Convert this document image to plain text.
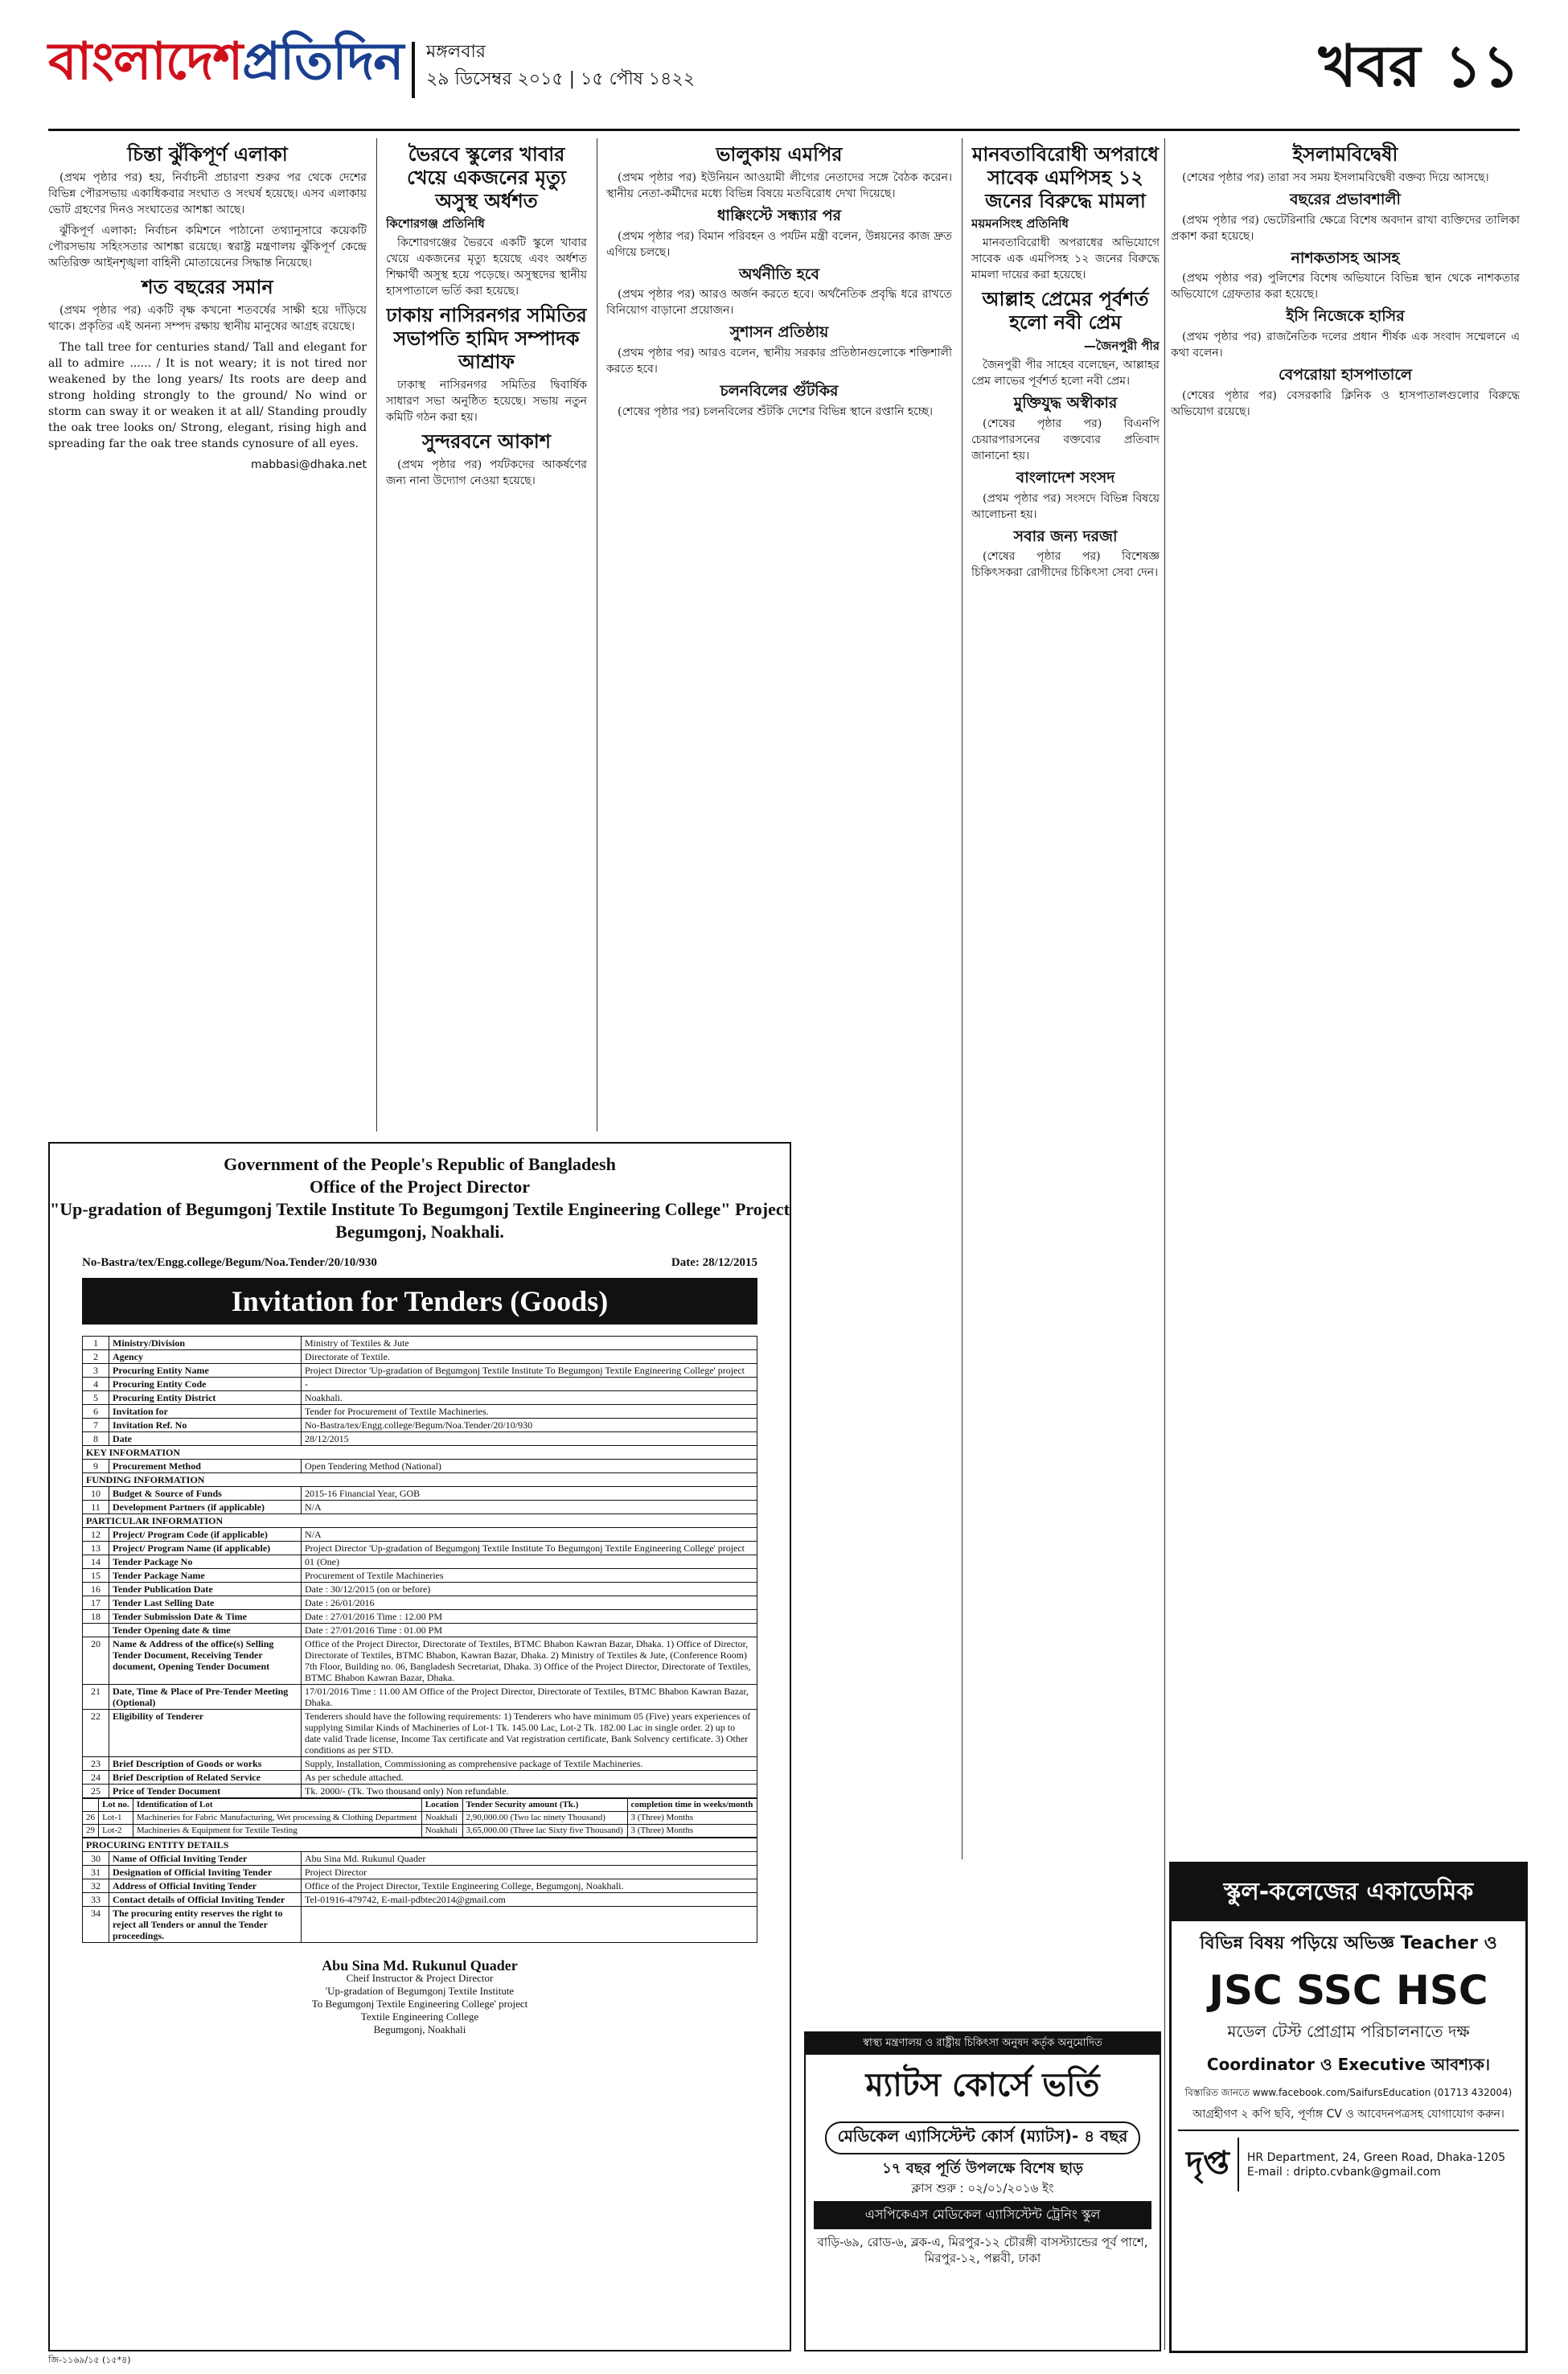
বাংলাদেশপ্রতিদিন মঙ্গলবার
২৯ ডিসেম্বর ২০১৫ | ১৫ পৌষ ১৪২২	খবর ১১
চিন্তা ঝুঁকিপূর্ণ এলাকা

(প্রথম পৃষ্ঠার পর) হয়, নির্বাচনী প্রচারণা শুরুর পর থেকে দেশের বিভিন্ন পৌরসভায় একাধিকবার সংঘাত ও সংঘর্ষ হয়েছে। এসব এলাকায় ভোট গ্রহণের দিনও সংঘাতের আশঙ্কা আছে।

ঝুঁকিপূর্ণ এলাকা: নির্বাচন কমিশনে পাঠানো তথ্যানুসারে কয়েকটি পৌরসভায় সহিংসতার আশঙ্কা রয়েছে। স্বরাষ্ট্র মন্ত্রণালয় ঝুঁকিপূর্ণ কেন্দ্রে অতিরিক্ত আইনশৃঙ্খলা বাহিনী মোতায়েনের সিদ্ধান্ত নিয়েছে।

শত বছরের সমান

(প্রথম পৃষ্ঠার পর) একটি বৃক্ষ কখনো শতবর্ষের সাক্ষী হয়ে দাঁড়িয়ে থাকে। প্রকৃতির এই অনন্য সম্পদ রক্ষায় স্থানীয় মানুষের আগ্রহ রয়েছে।

The tall tree for centuries stand/ Tall and elegant for all to admire ...... / It is not weary; it is not tired nor weakened by the long years/ Its roots are deep and strong holding strongly to the ground/ No wind or storm can sway it or weaken it at all/ Standing proudly the oak tree looks on/ Strong, elegant, rising high and spreading far the oak tree stands cynosure of all eyes.

mabbasi@dhaka.net

ভৈরবে স্কুলের খাবার খেয়ে একজনের মৃত্যু অসুস্থ অর্ধশত
কিশোরগঞ্জ প্রতিনিধি

কিশোরগঞ্জের ভৈরবে একটি স্কুলে খাবার খেয়ে একজনের মৃত্যু হয়েছে এবং অর্ধশত শিক্ষার্থী অসুস্থ হয়ে পড়েছে। অসুস্থদের স্থানীয় হাসপাতালে ভর্তি করা হয়েছে।

ঢাকায় নাসিরনগর সমিতির সভাপতি হামিদ সম্পাদক আশ্রাফ

ঢাকাস্থ নাসিরনগর সমিতির দ্বিবার্ষিক সাধারণ সভা অনুষ্ঠিত হয়েছে। সভায় নতুন কমিটি গঠন করা হয়।

সুন্দরবনে আকাশ

(প্রথম পৃষ্ঠার পর) পর্যটকদের আকর্ষণের জন্য নানা উদ্যোগ নেওয়া হয়েছে।

ভালুকায় এমপির

(প্রথম পৃষ্ঠার পর) ইউনিয়ন আওয়ামী লীগের নেতাদের সঙ্গে বৈঠক করেন। স্থানীয় নেতা-কর্মীদের মধ্যে বিভিন্ন বিষয়ে মতবিরোধ দেখা দিয়েছে।

ধাক্কিংস্টে সন্ধ্যার পর

(প্রথম পৃষ্ঠার পর) বিমান পরিবহন ও পর্যটন মন্ত্রী বলেন, উন্নয়নের কাজ দ্রুত এগিয়ে চলছে।

অর্থনীতি হবে

(প্রথম পৃষ্ঠার পর) আরও অর্জন করতে হবে। অর্থনৈতিক প্রবৃদ্ধি ধরে রাখতে বিনিয়োগ বাড়ানো প্রয়োজন।

সুশাসন প্রতিষ্ঠায়

(প্রথম পৃষ্ঠার পর) আরও বলেন, স্থানীয় সরকার প্রতিষ্ঠানগুলোকে শক্তিশালী করতে হবে।

চলনবিলের গুঁটকির

(শেষের পৃষ্ঠার পর) চলনবিলের শুঁটকি দেশের বিভিন্ন স্থানে রপ্তানি হচ্ছে।

মানবতাবিরোধী অপরাধে সাবেক এমপিসহ ১২ জনের বিরুদ্ধে মামলা
ময়মনসিংহ প্রতিনিধি

মানবতাবিরোধী অপরাধের অভিযোগে সাবেক এক এমপিসহ ১২ জনের বিরুদ্ধে মামলা দায়ের করা হয়েছে।

আল্লাহ প্রেমের পূর্বশর্ত হলো নবী প্রেম
—জৈনপুরী পীর

জৈনপুরী পীর সাহেব বলেছেন, আল্লাহর প্রেম লাভের পূর্বশর্ত হলো নবী প্রেম।

মুক্তিযুদ্ধ অস্বীকার

(শেষের পৃষ্ঠার পর) বিএনপি চেয়ারপারসনের বক্তব্যের প্রতিবাদ জানানো হয়।

বাংলাদেশ সংসদ

(প্রথম পৃষ্ঠার পর) সংসদে বিভিন্ন বিষয়ে আলোচনা হয়।

সবার জন্য দরজা

(শেষের পৃষ্ঠার পর) বিশেষজ্ঞ চিকিৎসকরা রোগীদের চিকিৎসা সেবা দেন।

ইসলামবিদ্বেষী

(শেষের পৃষ্ঠার পর) তারা সব সময় ইসলামবিদ্বেষী বক্তব্য দিয়ে আসছে।

বছরের প্রভাবশালী

(প্রথম পৃষ্ঠার পর) ভেটেরিনারি ক্ষেত্রে বিশেষ অবদান রাখা ব্যক্তিদের তালিকা প্রকাশ করা হয়েছে।

নাশকতাসহ আসহ

(প্রথম পৃষ্ঠার পর) পুলিশের বিশেষ অভিযানে বিভিন্ন স্থান থেকে নাশকতার অভিযোগে গ্রেফতার করা হয়েছে।

ইসি নিজেকে হাসির

(প্রথম পৃষ্ঠার পর) রাজনৈতিক দলের প্রধান শীর্ষক এক সংবাদ সম্মেলনে এ কথা বলেন।

বেপরোয়া হাসপাতালে

(শেষের পৃষ্ঠার পর) বেসরকারি ক্লিনিক ও হাসপাতালগুলোর বিরুদ্ধে অভিযোগ রয়েছে।

Government of the People's Republic of Bangladesh
Office of the Project Director
"Up-gradation of Begumgonj Textile Institute To Begumgonj Textile Engineering College" Project
Begumgonj, Noakhali.
No-Bastra/tex/Engg.college/Begum/Noa.Tender/20/10/930	Date: 28/12/2015
Invitation for Tenders (Goods)
1	Ministry/Division	Ministry of Textiles & Jute
2	Agency	Directorate of Textile.
3	Procuring Entity Name	Project Director 'Up-gradation of Begumgonj Textile Institute To Begumgonj Textile Engineering College' project
4	Procuring Entity Code	-
5	Procuring Entity District	Noakhali.
6	Invitation for	Tender for Procurement of Textile Machineries.
7	Invitation Ref. No	No-Bastra/tex/Engg.college/Begum/Noa.Tender/20/10/930
8	Date	28/12/2015
KEY INFORMATION		
9	Procurement Method	Open Tendering Method (National)
FUNDING INFORMATION		
10	Budget & Source of Funds	2015-16 Financial Year, GOB
11	Development Partners (if applicable)	N/A
PARTICULAR INFORMATION		
12	Project/ Program Code (if applicable)	N/A
13	Project/ Program Name (if applicable)	Project Director 'Up-gradation of Begumgonj Textile Institute To Begumgonj Textile Engineering College' project
14	Tender Package No	01 (One)
15	Tender Package Name	Procurement of Textile Machineries
16	Tender Publication Date	Date : 30/12/2015 (on or before)
17	Tender Last Selling Date	Date : 26/01/2016
18	Tender Submission Date & Time	Date : 27/01/2016 Time : 12.00 PM
	Tender Opening date & time	Date : 27/01/2016 Time : 01.00 PM
20	Name & Address of the office(s) Selling Tender Document, Receiving Tender document, Opening Tender Document	Office of the Project Director, Directorate of Textiles, BTMC Bhabon Kawran Bazar, Dhaka. 1) Office of Director, Directorate of Textiles, BTMC Bhabon, Kawran Bazar, Dhaka. 2) Ministry of Textiles & Jute, (Conference Room) 7th Floor, Building no. 06, Bangladesh Secretariat, Dhaka. 3) Office of the Project Director, Directorate of Textiles, BTMC Bhabon Kawran Bazar, Dhaka.
21	Date, Time & Place of Pre-Tender Meeting (Optional)	17/01/2016 Time : 11.00 AM Office of the Project Director, Directorate of Textiles, BTMC Bhabon Kawran Bazar, Dhaka.
22	Eligibility of Tenderer	Tenderers should have the following requirements: 1) Tenderers who have minimum 05 (Five) years experiences of supplying Similar Kinds of Machineries of Lot-1 Tk. 145.00 Lac, Lot-2 Tk. 182.00 Lac in single order. 2) up to date valid Trade license, Income Tax certificate and Vat registration certificate, Bank Solvency certificate. 3) Other conditions as per STD.
23	Brief Description of Goods or works	Supply, Installation, Commissioning as comprehensive package of Textile Machineries.
24	Brief Description of Related Service	As per schedule attached.
25	Price of Tender Document	Tk. 2000/- (Tk. Two thousand only) Non refundable.
	Lot no.	Identification of Lot	Location	Tender Security amount (Tk.)	completion time in weeks/month
26	Lot-1	Machineries for Fabric Manufacturing, Wet processing & Clothing Department	Noakhali	2,90,000.00 (Two lac ninety Thousand)	3 (Three) Months
29	Lot-2	Machineries & Equipment for Textile Testing	Noakhali	3,65,000.00 (Three lac Sixty five Thousand)	3 (Three) Months
PROCURING ENTITY DETAILS		
30	Name of Official Inviting Tender	Abu Sina Md. Rukunul Quader
31	Designation of Official Inviting Tender	Project Director
32	Address of Official Inviting Tender	Office of the Project Director, Textile Engineering College, Begumgonj, Noakhali.
33	Contact details of Official Inviting Tender	Tel-01916-479742, E-mail-pdbtec2014@gmail.com
34	The procuring entity reserves the right to reject all Tenders or annul the Tender proceedings.	
Abu Sina Md. Rukunul Quader
Cheif Instructor & Project Director
'Up-gradation of Begumgonj Textile Institute
To Begumgonj Textile Engineering College' project
Textile Engineering College
Begumgonj, Noakhali
জি-১১৬৯/১৫ (১৫*৪)
স্বাস্থ্য মন্ত্রণালয় ও রাষ্ট্রীয় চিকিৎসা অনুষদ কর্তৃক অনুমোদিত
ম্যাটস কোর্সে ভর্তি
মেডিকেল এ্যাসিস্টেন্ট কোর্স (ম্যাটস)- ৪ বছর
১৭ বছর পূর্তি উপলক্ষে বিশেষ ছাড়
ক্লাস শুরু : ০২/০১/২০১৬ ইং
এসপিকেএস মেডিকেল এ্যাসিস্টেন্ট ট্রেনিং স্কুল
বাড়ি-৬৯, রোড-৬, ব্লক-এ, মিরপুর-১২ চৌরঙ্গী বাসস্ট্যান্ডের পূর্ব পাশে, মিরপুর-১২, পল্লবী, ঢাকা
স্কুল-কলেজের একাডেমিক
বিভিন্ন বিষয় পড়িয়ে অভিজ্ঞ Teacher ও
JSC SSC HSC
মডেল টেস্ট প্রোগ্রাম পরিচালনাতে দক্ষ
Coordinator ও Executive আবশ্যক।
বিস্তারিত জানতে www.facebook.com/SaifursEducation (01713 432004)
আগ্রহীগণ ২ কপি ছবি, পূর্ণাঙ্গ CV ও আবেদনপত্রসহ যোগাযোগ করুন।
দৃপ্ত	HR Department, 24, Green Road, Dhaka-1205
E-mail : dripto.cvbank@gmail.com
